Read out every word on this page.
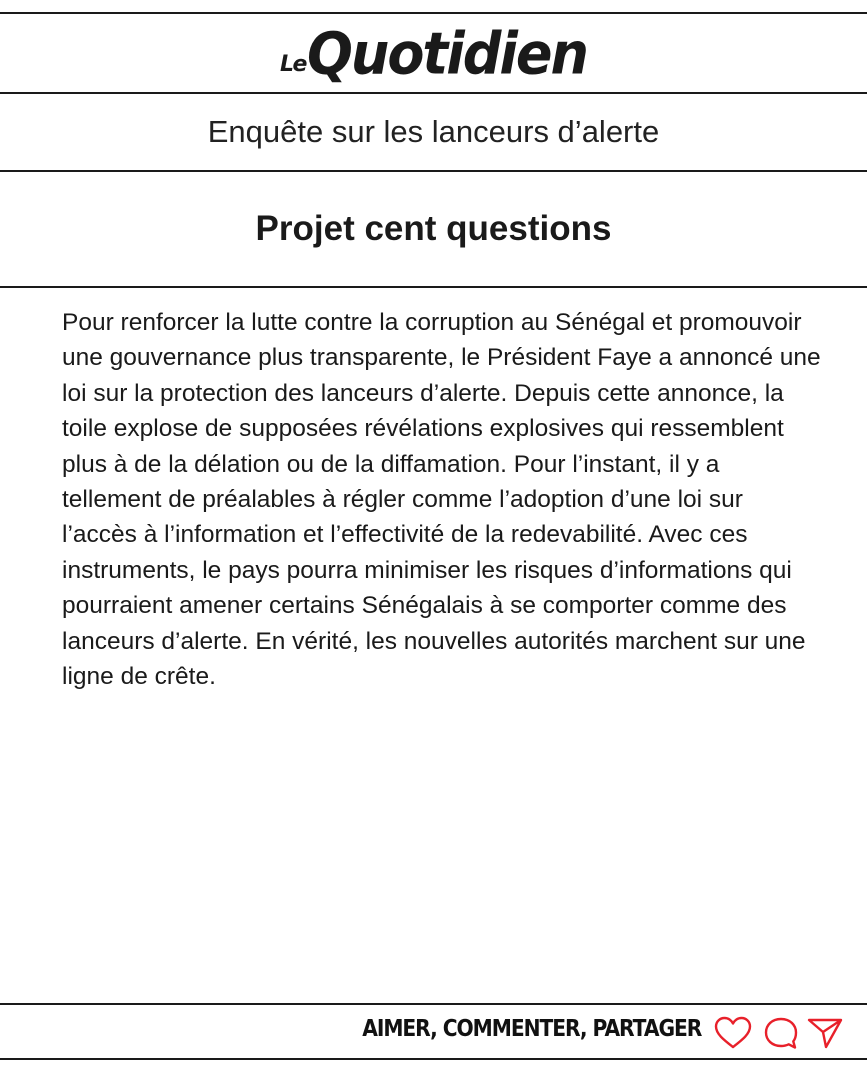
Le Quotidien
Enquête sur les lanceurs d’alerte
Projet cent questions

Pour renforcer la lutte contre la corruption au Sénégal et promouvoir une gouvernance plus transparente, le Président Faye a annoncé une loi sur la protection des lanceurs d’alerte. Depuis cette annonce, la toile explose de supposées révélations explosives qui ressemblent plus à de la délation ou de la diffamation. Pour l’instant, il y a tellement de préalables à régler comme l’adoption d’une loi sur l’accès à l’information et l’effectivité de la redevabilité. Avec ces instruments, le pays pourra minimiser les risques d’informations qui pourraient amener certains Sénégalais à se comporter comme des lanceurs d’alerte. En vérité, les nouvelles autorités marchent sur une ligne de crête.

AIMER, COMMENTER, PARTAGER
